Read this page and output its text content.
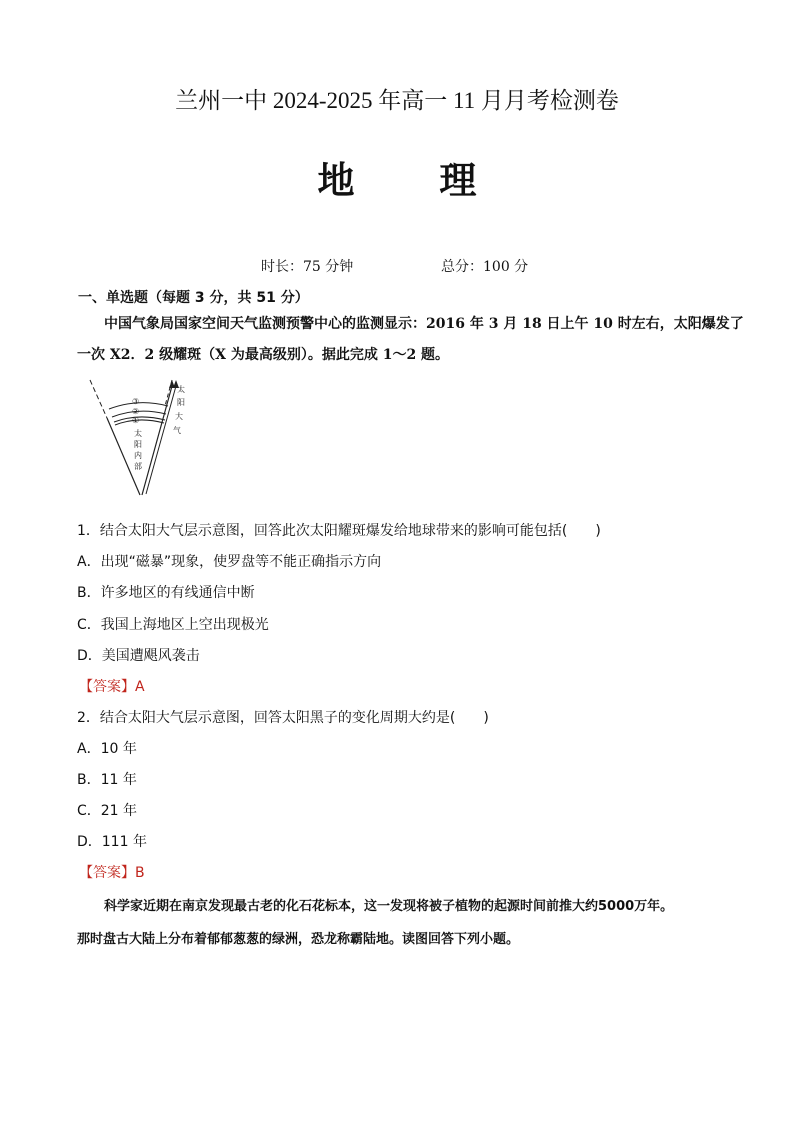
兰州一中 2024-2025 年高一 11 月月考检测卷
地 理
时长：75 分钟	总分：100 分
一、单选题（每题 3 分，共 51 分）
中国气象局国家空间天气监测预警中心的监测显示：2016 年 3 月 18 日上午 10 时左右，太阳爆发了
一次 X2．2 级耀斑（X 为最高级别）。据此完成 1～2 题。
③
②
①
太
阳
内
部
太
阳
大
气
1．结合太阳大气层示意图，回答此次太阳耀斑爆发给地球带来的影响可能包括(　　)
A．出现“磁暴”现象，使罗盘等不能正确指示方向
B．许多地区的有线通信中断
C．我国上海地区上空出现极光
D．美国遭飓风袭击
【答案】A
2．结合太阳大气层示意图，回答太阳黑子的变化周期大约是(　　)
A．10 年
B．11 年
C．21 年
D．111 年
【答案】B
科学家近期在南京发现最古老的化石花标本，这一发现将被子植物的起源时间前推大约5000万年。
那时盘古大陆上分布着郁郁葱葱的绿洲，恐龙称霸陆地。读图回答下列小题。
